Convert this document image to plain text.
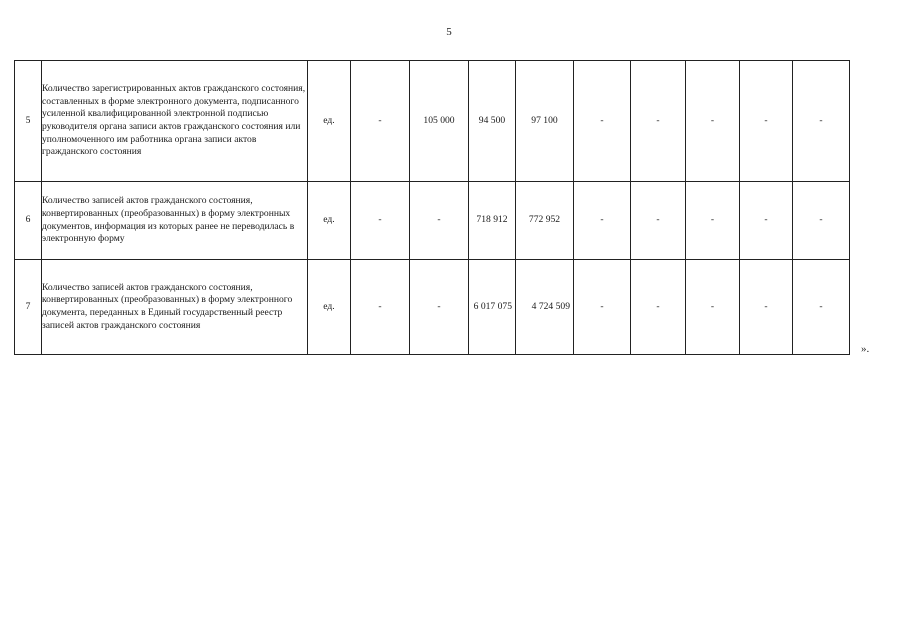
5
5	Количество зарегистрированных актов гражданского состояния, составленных в форме электронного документа, подписанного усиленной квалифицированной электронной подписью руководителя органа записи актов гражданского состояния или уполномоченного им работника органа записи актов гражданского состояния	ед.	-	105 000	94 500	97 100	-	-	-	-	-
6	Количество записей актов гражданского состояния, конвертированных (преобразованных) в форму электронных документов, информация из которых ранее не переводилась в электронную форму	ед.	-	-	718 912	772 952	-	-	-	-	-
7	Количество записей актов гражданского состояния, конвертированных (преобразованных) в форму электронного документа, переданных в Единый государственный реестр записей актов гражданского состояния	ед.	-	-	6 017 075	4 724 509	-	-	-	-	-
».
